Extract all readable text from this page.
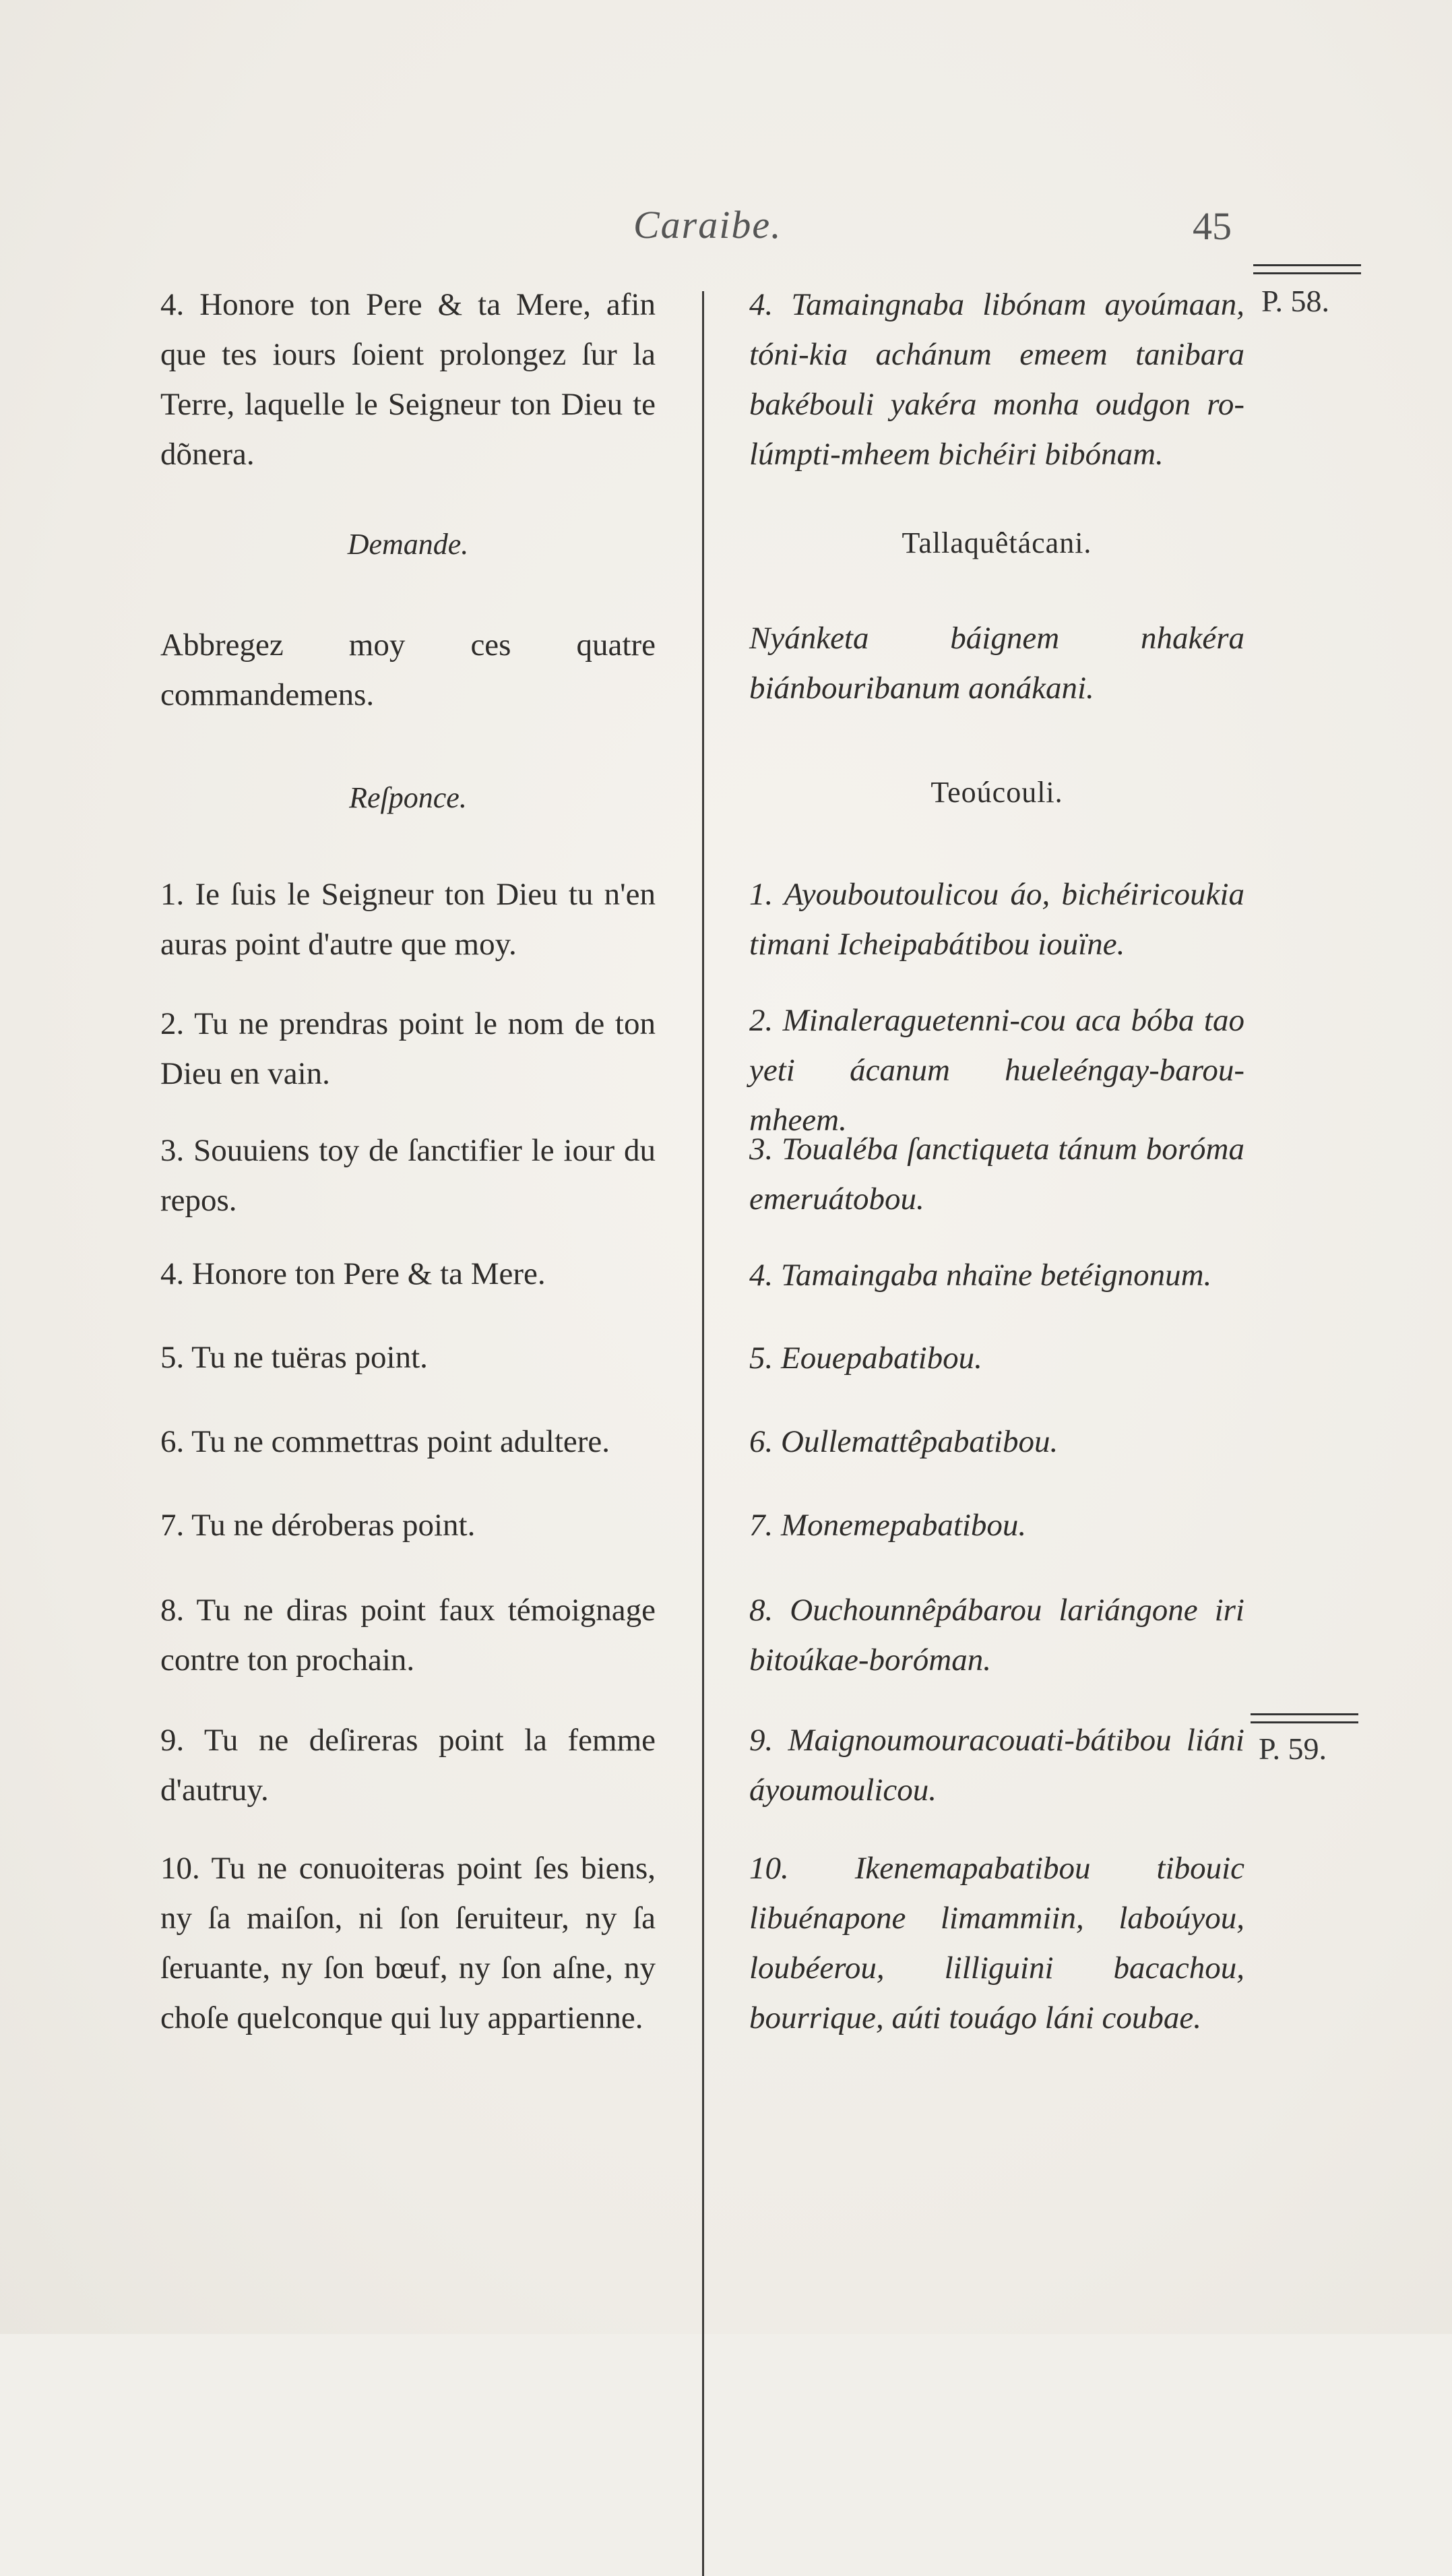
Caraibe.	45
P. 58.
P. 59.
4. Honore ton Pere & ta Mere, afin que tes iours ſoient prolongez ſur la Terre, laquelle le Seigneur ton Dieu te dõnera.
Demande.
Abbregez moy ces quatre commandemens.
Reſponce.
1. Ie ſuis le Seigneur ton Dieu tu n'en auras point d'autre que moy.
2. Tu ne prendras point le nom de ton Dieu en vain.
3. Souuiens toy de ſanctifier le iour du repos.
4. Honore ton Pere & ta Mere.
5. Tu ne tuëras point.
6. Tu ne commettras point adultere.
7. Tu ne déroberas point.
8. Tu ne diras point faux témoignage contre ton prochain.
9. Tu ne deſireras point la femme d'autruy.
10. Tu ne conuoiteras point ſes biens, ny ſa maiſon, ni ſon ſeruiteur, ny ſa ſeruante, ny ſon bœuf, ny ſon aſne, ny choſe quelconque qui luy appartienne.
4. Tamaingnaba libónam ayoúmaan, tóni-kia achánum emeem tanibara bakébouli yakéra monha oudgon ro-lúmpti-mheem bichéiri bibónam.
Tallaquêtácani.
Nyánketa báignem nhakéra biánbouribanum aonákani.
Teoúcouli.
1. Ayouboutoulicou áo, bichéiricoukia timani Icheipabátibou iouïne.
2. Minaleraguetenni-cou aca bóba tao yeti ácanum hueleéngay-barou-mheem.
3. Toualéba ſanctiqueta tánum boróma emeruátobou.
4. Tamaingaba nhaïne betéignonum.
5. Eouepabatibou.
6. Oullemattêpabatibou.
7. Monemepabatibou.
8. Ouchounnêpábarou lariángone iri bitoúkae-boróman.
9. Maignoumouracouati-bátibou liáni áyoumoulicou.
10. Ikenemapabatibou tibouic libuénapone limammiin, laboúyou, loubéerou, lilliguini bacachou, bourrique, aúti touágo láni coubae.
